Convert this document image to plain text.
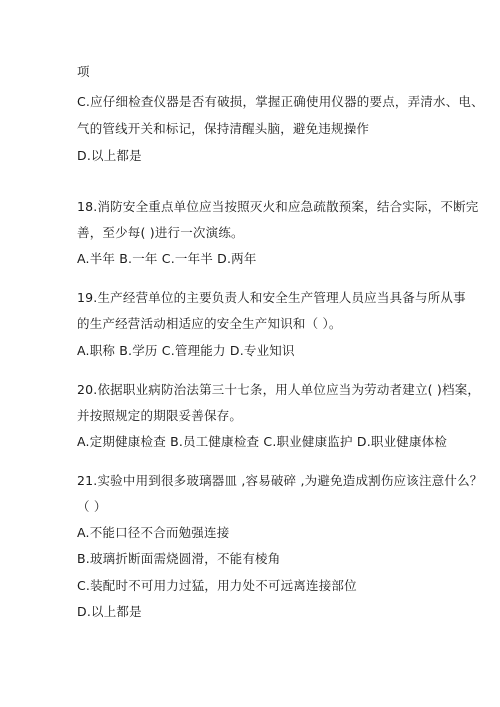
项
C.应仔细检查仪器是否有破损，掌握正确使用仪器的要点，弄清水、电、
气的管线开关和标记，保持清醒头脑，避免违规操作
D.以上都是
18.消防安全重点单位应当按照灭火和应急疏散预案，结合实际，不断完
善，至少每( )进行一次演练。
A.半年 B.一年 C.一年半 D.两年
19.生产经营单位的主要负责人和安全生产管理人员应当具备与所从事
的生产经营活动相适应的安全生产知识和（ ）。
A.职称 B.学历 C.管理能力 D.专业知识
20.依据职业病防治法第三十七条，用人单位应当为劳动者建立( )档案，
并按照规定的期限妥善保存。
A.定期健康检查 B.员工健康检查 C.职业健康监护 D.职业健康体检
21.实验中用到很多玻璃器皿 ,容易破碎 ,为避免造成割伤应该注意什么？
（ ）
A.不能口径不合而勉强连接
B.玻璃折断面需烧圆滑，不能有棱角
C.装配时不可用力过猛，用力处不可远离连接部位
D.以上都是
